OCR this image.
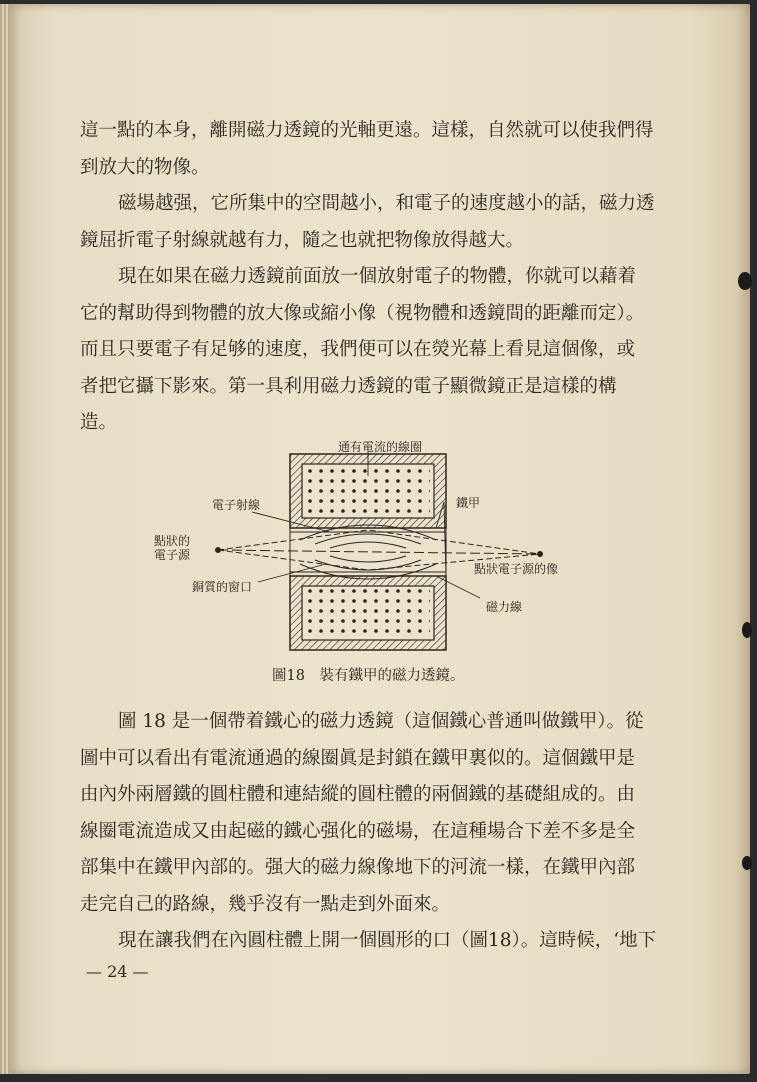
這一點的本身，離開磁力透鏡的光軸更遠。這樣，自然就可以使我們得
到放大的物像。

磁場越强，它所集中的空間越小，和電子的速度越小的話，磁力透
鏡屈折電子射線就越有力，隨之也就把物像放得越大。

現在如果在磁力透鏡前面放一個放射電子的物體，你就可以藉着
它的幫助得到物體的放大像或縮小像（視物體和透鏡間的距離而定）。
而且只要電子有足够的速度，我們便可以在熒光幕上看見這個像，或
者把它攝下影來。第一具利用磁力透鏡的電子顯微鏡正是這樣的構
造。

通有電流的線圈
電子射線	鐵甲
點狀的
電子源
點狀電子源的像
銅質的窗口
磁力線
圖18　裝有鐵甲的磁力透鏡。

圖 18 是一個帶着鐵心的磁力透鏡（這個鐵心普通叫做鐵甲）。從
圖中可以看出有電流通過的線圈眞是封鎖在鐵甲裏似的。這個鐵甲是
由內外兩層鐵的圓柱體和連結縱的圓柱體的兩個鐵的基礎組成的。由
線圈電流造成又由起磁的鐵心强化的磁場，在這種場合下差不多是全
部集中在鐵甲內部的。强大的磁力線像地下的河流一樣，在鐵甲內部
走完自己的路線，幾乎沒有一點走到外面來。

現在讓我們在內圓柱體上開一個圓形的口（圖18）。這時候，‘地下

— 24 —
